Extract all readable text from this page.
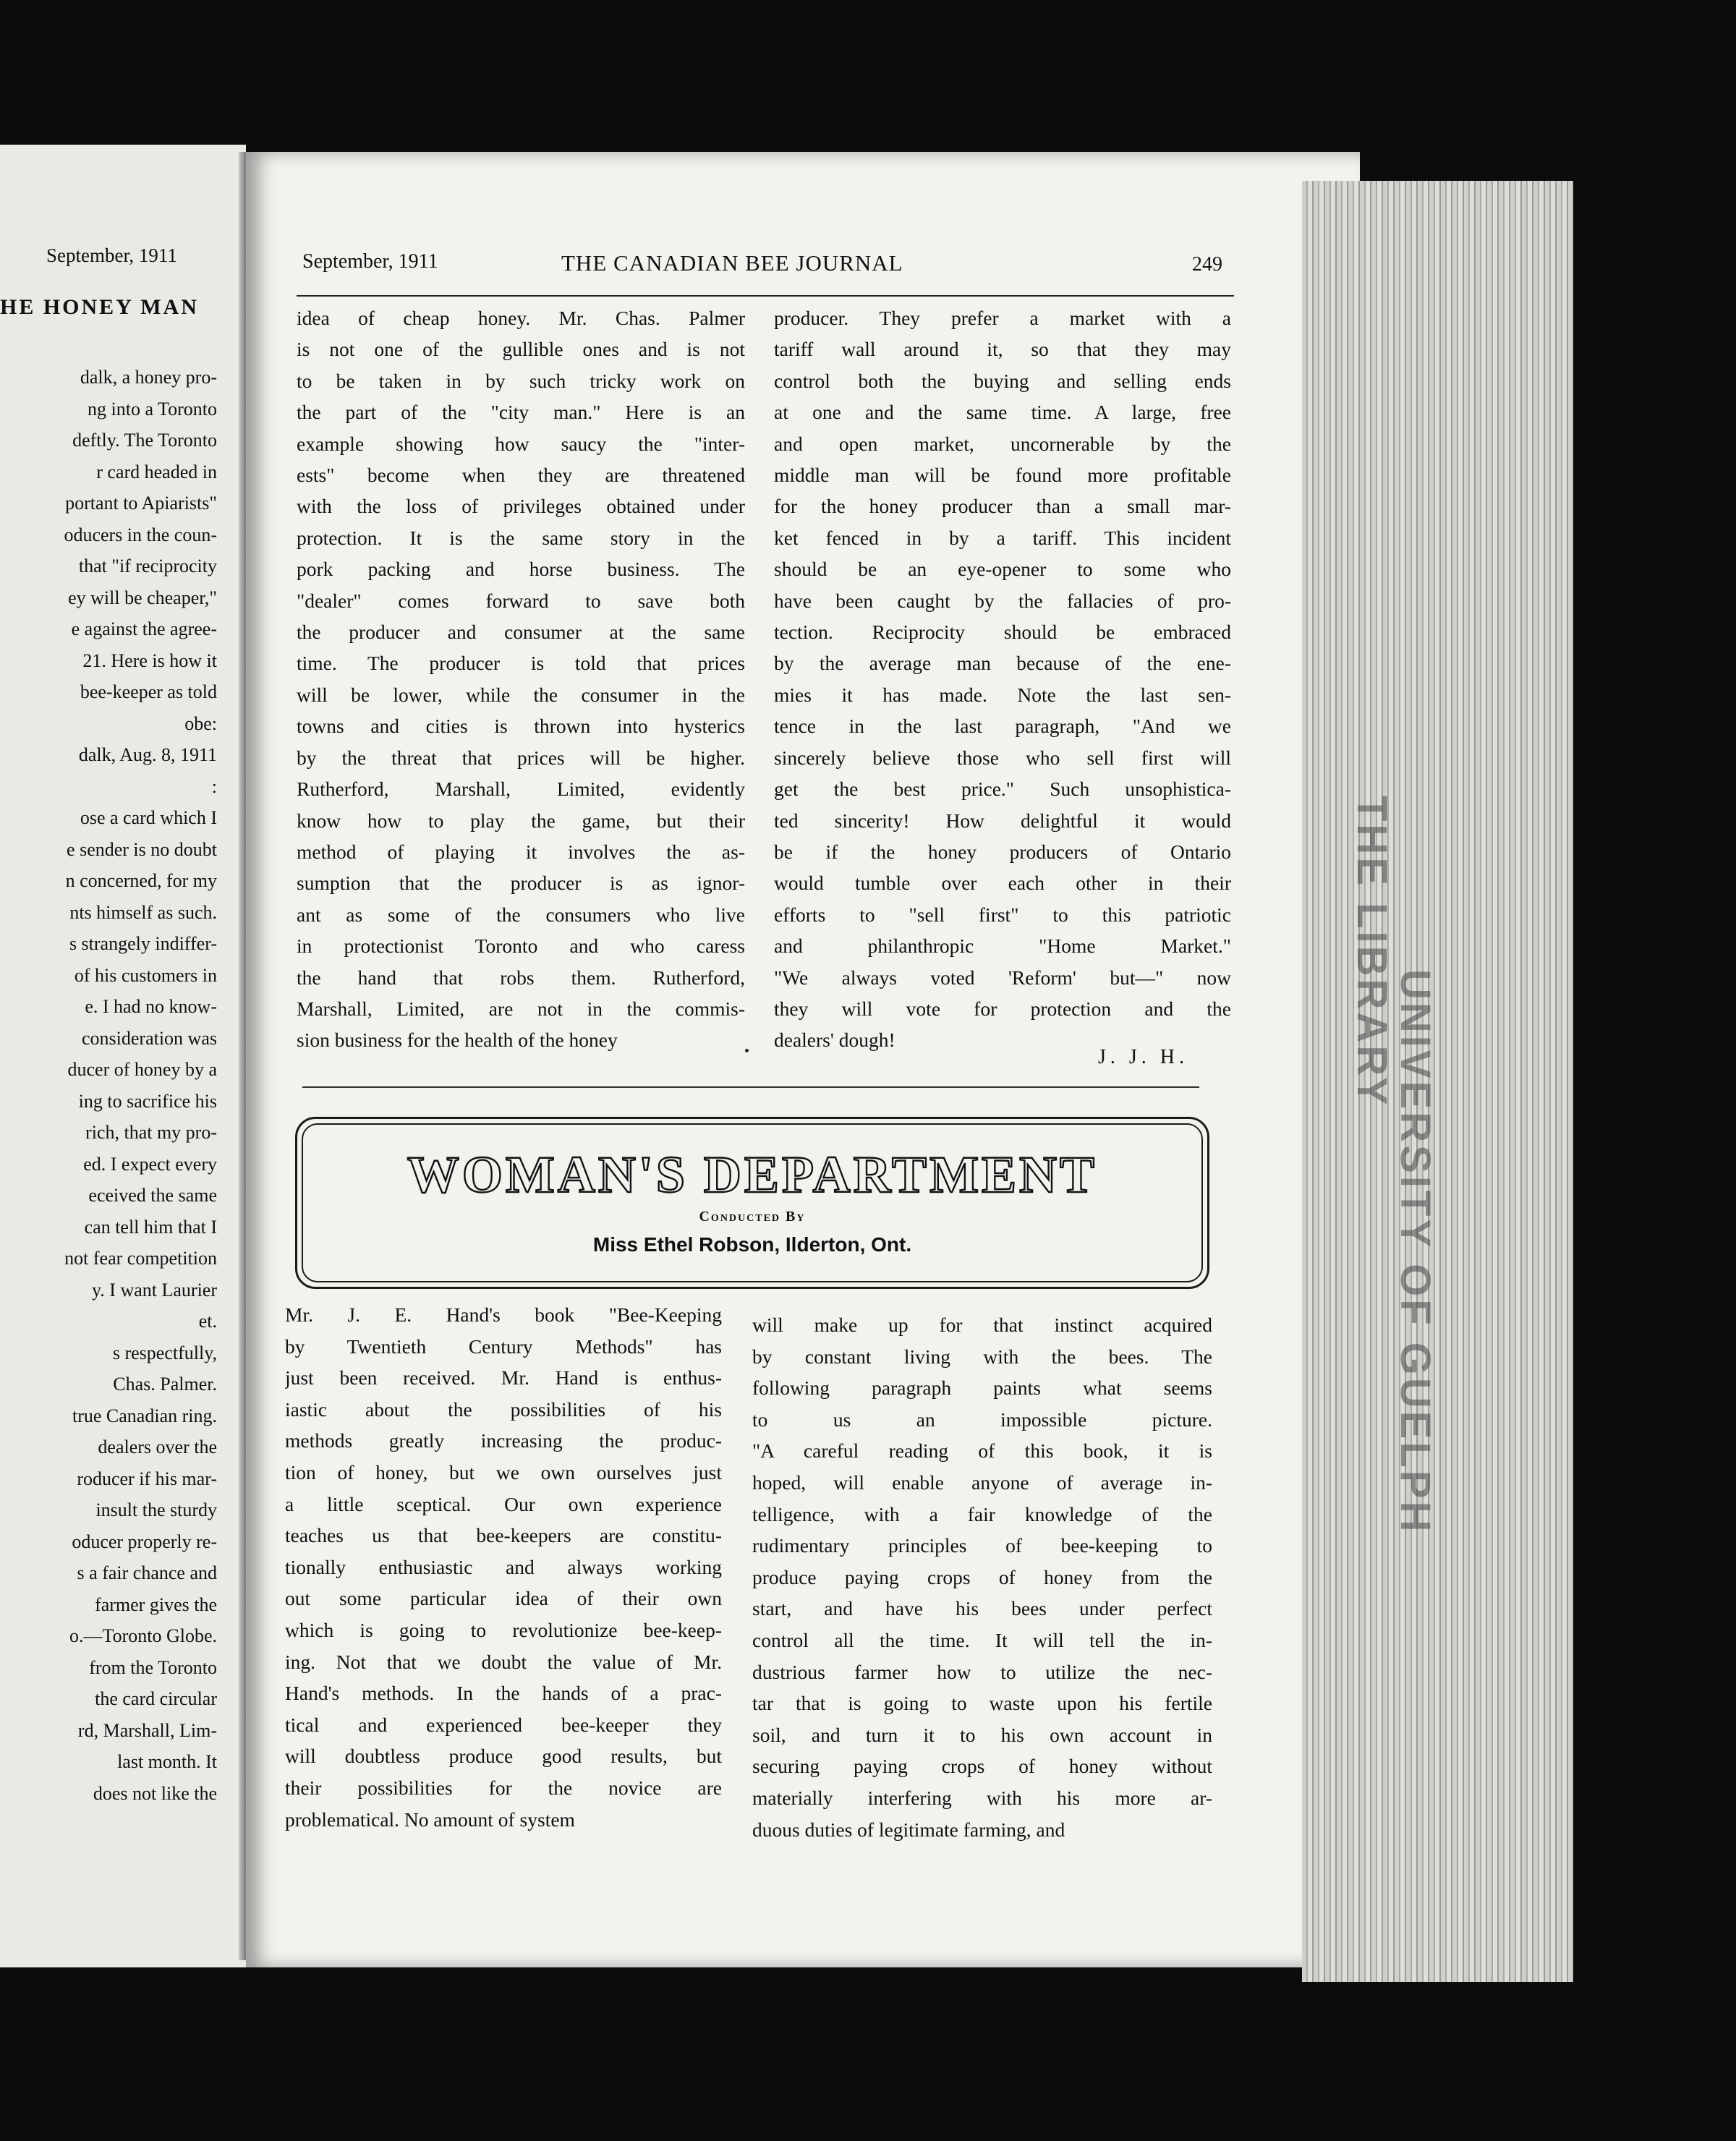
September, 1911
HE HONEY MAN
dalk, a honey pro-
ng into a Toronto
deftly. The Toronto
r card headed in
portant to Apiarists"
oducers in the coun-
that "if reciprocity
ey will be cheaper,"
e against the agree-
21. Here is how it
bee-keeper as told
obe:
dalk, Aug. 8, 1911
:
ose a card which I
e sender is no doubt
n concerned, for my
nts himself as such.
s strangely indiffer-
of his customers in
e. I had no know-
consideration was
ducer of honey by a
ing to sacrifice his
rich, that my pro-
ed. I expect every
eceived the same
can tell him that I
not fear competition
y. I want Laurier
et.
s respectfully,
Chas. Palmer.
true Canadian ring.
dealers over the
roducer if his mar-
insult the sturdy
oducer properly re-
s a fair chance and
farmer gives the
o.—Toronto Globe.
from the Toronto
the card circular
rd, Marshall, Lim-
last month. It
does not like the
THE LIBRARY
UNIVERSITY OF GUELPH
September, 1911	THE CANADIAN BEE JOURNAL	249
idea of cheap honey. Mr. Chas. Palmer
is not one of the gullible ones and is not
to be taken in by such tricky work on
the part of the "city man." Here is an
example showing how saucy the "inter-
ests" become when they are threatened
with the loss of privileges obtained under
protection. It is the same story in the
pork packing and horse business. The
"dealer" comes forward to save both
the producer and consumer at the same
time. The producer is told that prices
will be lower, while the consumer in the
towns and cities is thrown into hysterics
by the threat that prices will be higher.
Rutherford, Marshall, Limited, evidently
know how to play the game, but their
method of playing it involves the as-
sumption that the producer is as ignor-
ant as some of the consumers who live
in protectionist Toronto and who caress
the hand that robs them. Rutherford,
Marshall, Limited, are not in the commis-
sion business for the health of the honey
producer. They prefer a market with a
tariff wall around it, so that they may
control both the buying and selling ends
at one and the same time. A large, free
and open market, uncornerable by the
middle man will be found more profitable
for the honey producer than a small mar-
ket fenced in by a tariff. This incident
should be an eye-opener to some who
have been caught by the fallacies of pro-
tection. Reciprocity should be embraced
by the average man because of the ene-
mies it has made. Note the last sen-
tence in the last paragraph, "And we
sincerely believe those who sell first will
get the best price." Such unsophistica-
ted sincerity! How delightful it would
be if the honey producers of Ontario
would tumble over each other in their
efforts to "sell first" to this patriotic
and philanthropic "Home Market."
"We always voted 'Reform' but—" now
they will vote for protection and the
dealers' dough!
J. J. H.
WOMAN'S DEPARTMENT
Conducted By
Miss Ethel Robson, Ilderton, Ont.
Mr. J. E. Hand's book "Bee-Keeping
by Twentieth Century Methods" has
just been received. Mr. Hand is enthus-
iastic about the possibilities of his
methods greatly increasing the produc-
tion of honey, but we own ourselves just
a little sceptical. Our own experience
teaches us that bee-keepers are constitu-
tionally enthusiastic and always working
out some particular idea of their own
which is going to revolutionize bee-keep-
ing. Not that we doubt the value of Mr.
Hand's methods. In the hands of a prac-
tical and experienced bee-keeper they
will doubtless produce good results, but
their possibilities for the novice are
problematical. No amount of system
will make up for that instinct acquired
by constant living with the bees. The
following paragraph paints what seems
to us an impossible picture.
"A careful reading of this book, it is
hoped, will enable anyone of average in-
telligence, with a fair knowledge of the
rudimentary principles of bee-keeping to
produce paying crops of honey from the
start, and have his bees under perfect
control all the time. It will tell the in-
dustrious farmer how to utilize the nec-
tar that is going to waste upon his fertile
soil, and turn it to his own account in
securing paying crops of honey without
materially interfering with his more ar-
duous duties of legitimate farming, and
